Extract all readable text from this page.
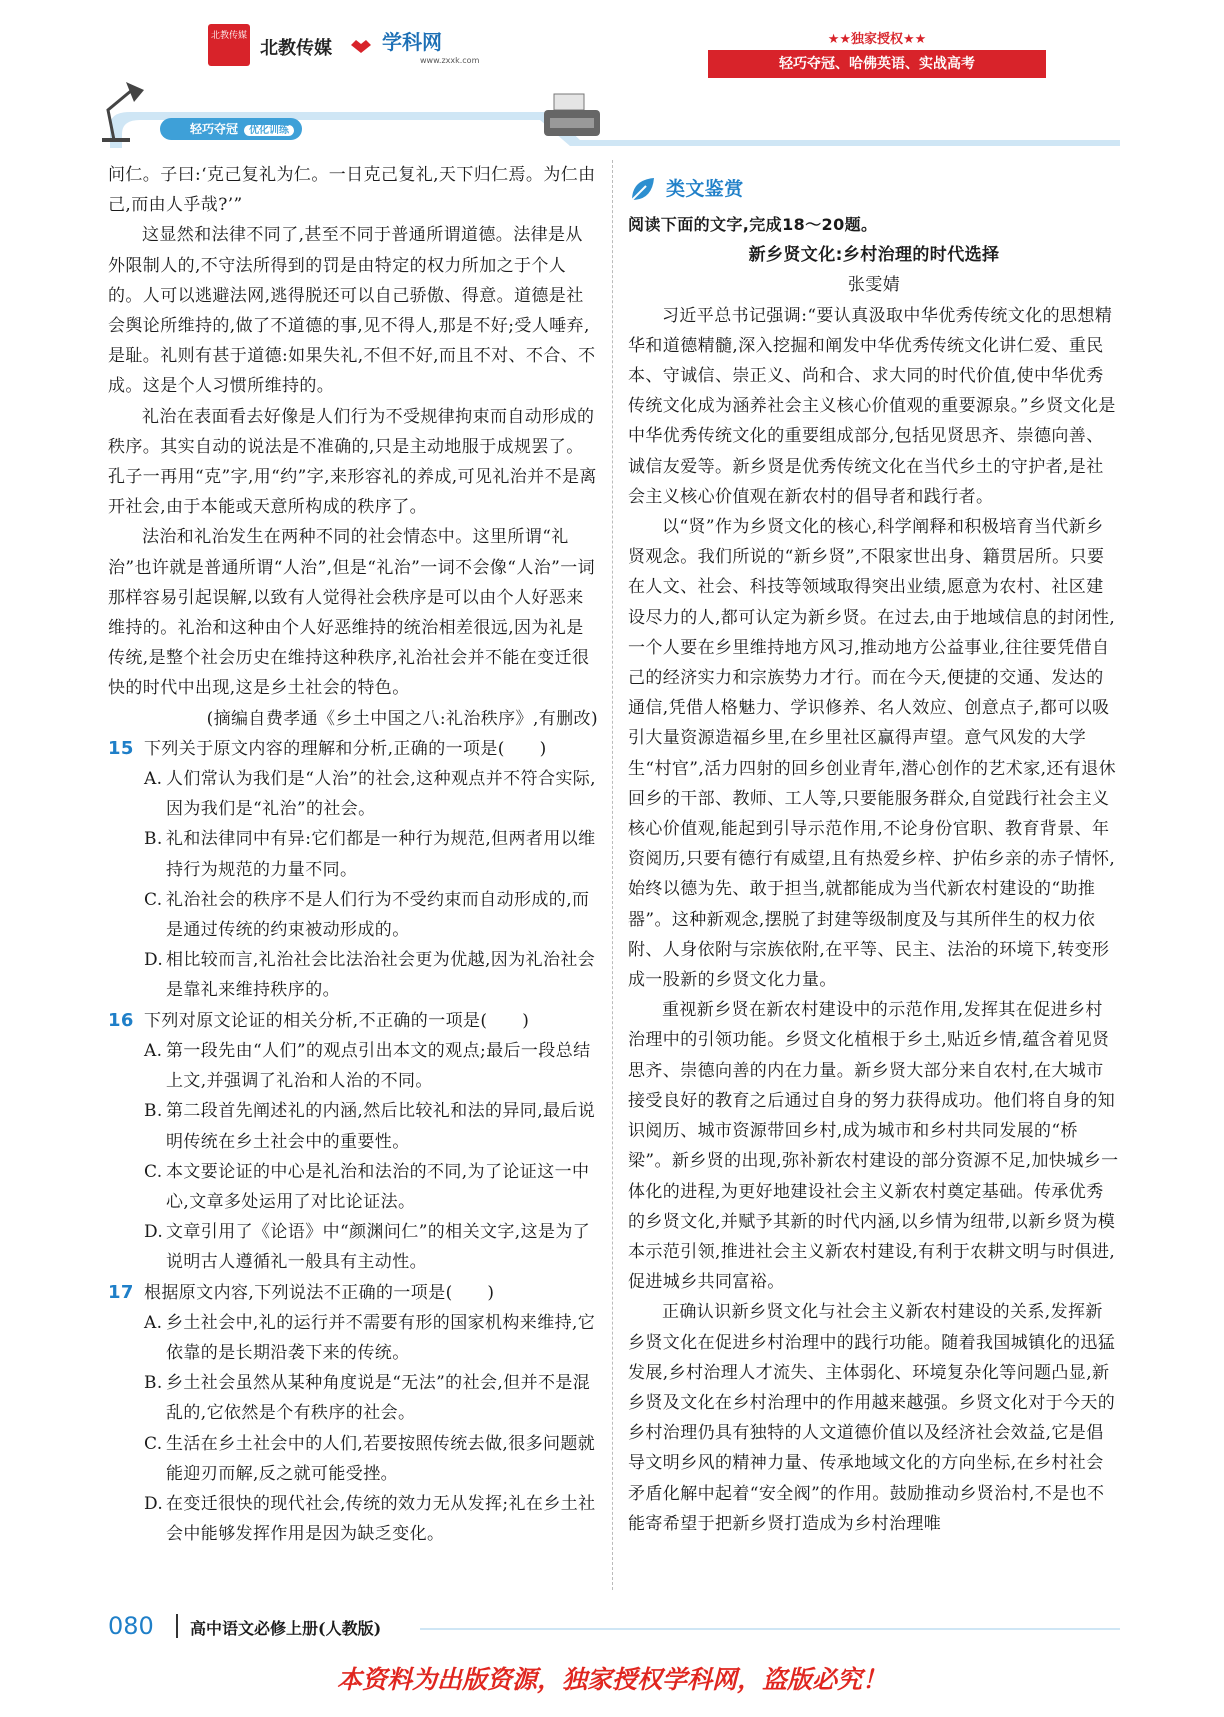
北教传媒
北教传媒	学科网
www.zxxk.com
★★独家授权★★
轻巧夺冠、哈佛英语、实战高考
轻巧夺冠 优化训练

问仁。子曰:‘克己复礼为仁。一日克己复礼,天下归仁焉。为仁由己,而由人乎哉?’”

这显然和法律不同了,甚至不同于普通所谓道德。法律是从外限制人的,不守法所得到的罚是由特定的权力所加之于个人的。人可以逃避法网,逃得脱还可以自己骄傲、得意。道德是社会舆论所维持的,做了不道德的事,见不得人,那是不好;受人唾弃,是耻。礼则有甚于道德:如果失礼,不但不好,而且不对、不合、不成。这是个人习惯所维持的。

礼治在表面看去好像是人们行为不受规律拘束而自动形成的秩序。其实自动的说法是不准确的,只是主动地服于成规罢了。孔子一再用“克”字,用“约”字,来形容礼的养成,可见礼治并不是离开社会,由于本能或天意所构成的秩序了。

法治和礼治发生在两种不同的社会情态中。这里所谓“礼治”也许就是普通所谓“人治”,但是“礼治”一词不会像“人治”一词那样容易引起误解,以致有人觉得社会秩序是可以由个人好恶来维持的。礼治和这种由个人好恶维持的统治相差很远,因为礼是传统,是整个社会历史在维持这种秩序,礼治社会并不能在变迁很快的时代中出现,这是乡土社会的特色。

(摘编自费孝通《乡土中国之八:礼治秩序》,有删改)

15 下列关于原文内容的理解和分析,正确的一项是(　　)
A. 人们常认为我们是“人治”的社会,这种观点并不符合实际,因为我们是“礼治”的社会。
B. 礼和法律同中有异:它们都是一种行为规范,但两者用以维持行为规范的力量不同。
C. 礼治社会的秩序不是人们行为不受约束而自动形成的,而是通过传统的约束被动形成的。
D. 相比较而言,礼治社会比法治社会更为优越,因为礼治社会是靠礼来维持秩序的。
16 下列对原文论证的相关分析,不正确的一项是(　　)
A. 第一段先由“人们”的观点引出本文的观点;最后一段总结上文,并强调了礼治和人治的不同。
B. 第二段首先阐述礼的内涵,然后比较礼和法的异同,最后说明传统在乡土社会中的重要性。
C. 本文要论证的中心是礼治和法治的不同,为了论证这一中心,文章多处运用了对比论证法。
D. 文章引用了《论语》中“颜渊问仁”的相关文字,这是为了说明古人遵循礼一般具有主动性。
17 根据原文内容,下列说法不正确的一项是(　　)
A. 乡土社会中,礼的运行并不需要有形的国家机构来维持,它依靠的是长期沿袭下来的传统。
B. 乡土社会虽然从某种角度说是“无法”的社会,但并不是混乱的,它依然是个有秩序的社会。
C. 生活在乡土社会中的人们,若要按照传统去做,很多问题就能迎刃而解,反之就可能受挫。
D. 在变迁很快的现代社会,传统的效力无从发挥;礼在乡土社会中能够发挥作用是因为缺乏变化。
类文鉴赏

阅读下面的文字,完成18～20题。

新乡贤文化:乡村治理的时代选择

张雯婧

习近平总书记强调:“要认真汲取中华优秀传统文化的思想精华和道德精髓,深入挖掘和阐发中华优秀传统文化讲仁爱、重民本、守诚信、崇正义、尚和合、求大同的时代价值,使中华优秀传统文化成为涵养社会主义核心价值观的重要源泉。”乡贤文化是中华优秀传统文化的重要组成部分,包括见贤思齐、崇德向善、诚信友爱等。新乡贤是优秀传统文化在当代乡土的守护者,是社会主义核心价值观在新农村的倡导者和践行者。

以“贤”作为乡贤文化的核心,科学阐释和积极培育当代新乡贤观念。我们所说的“新乡贤”,不限家世出身、籍贯居所。只要在人文、社会、科技等领域取得突出业绩,愿意为农村、社区建设尽力的人,都可认定为新乡贤。在过去,由于地域信息的封闭性,一个人要在乡里维持地方风习,推动地方公益事业,往往要凭借自己的经济实力和宗族势力才行。而在今天,便捷的交通、发达的通信,凭借人格魅力、学识修养、名人效应、创意点子,都可以吸引大量资源造福乡里,在乡里社区赢得声望。意气风发的大学生“村官”,活力四射的回乡创业青年,潜心创作的艺术家,还有退休回乡的干部、教师、工人等,只要能服务群众,自觉践行社会主义核心价值观,能起到引导示范作用,不论身份官职、教育背景、年资阅历,只要有德行有威望,且有热爱乡梓、护佑乡亲的赤子情怀,始终以德为先、敢于担当,就都能成为当代新农村建设的“助推器”。这种新观念,摆脱了封建等级制度及与其所伴生的权力依附、人身依附与宗族依附,在平等、民主、法治的环境下,转变形成一股新的乡贤文化力量。

重视新乡贤在新农村建设中的示范作用,发挥其在促进乡村治理中的引领功能。乡贤文化植根于乡土,贴近乡情,蕴含着见贤思齐、崇德向善的内在力量。新乡贤大部分来自农村,在大城市接受良好的教育之后通过自身的努力获得成功。他们将自身的知识阅历、城市资源带回乡村,成为城市和乡村共同发展的“桥梁”。新乡贤的出现,弥补新农村建设的部分资源不足,加快城乡一体化的进程,为更好地建设社会主义新农村奠定基础。传承优秀的乡贤文化,并赋予其新的时代内涵,以乡情为纽带,以新乡贤为模本示范引领,推进社会主义新农村建设,有利于农耕文明与时俱进,促进城乡共同富裕。

正确认识新乡贤文化与社会主义新农村建设的关系,发挥新乡贤文化在促进乡村治理中的践行功能。随着我国城镇化的迅猛发展,乡村治理人才流失、主体弱化、环境复杂化等问题凸显,新乡贤及文化在乡村治理中的作用越来越强。乡贤文化对于今天的乡村治理仍具有独特的人文道德价值以及经济社会效益,它是倡导文明乡风的精神力量、传承地域文化的方向坐标,在乡村社会矛盾化解中起着“安全阀”的作用。鼓励推动乡贤治村,不是也不能寄希望于把新乡贤打造成为乡村治理唯

080 高中语文必修上册(人教版)
本资料为出版资源，独家授权学科网，盗版必究！
